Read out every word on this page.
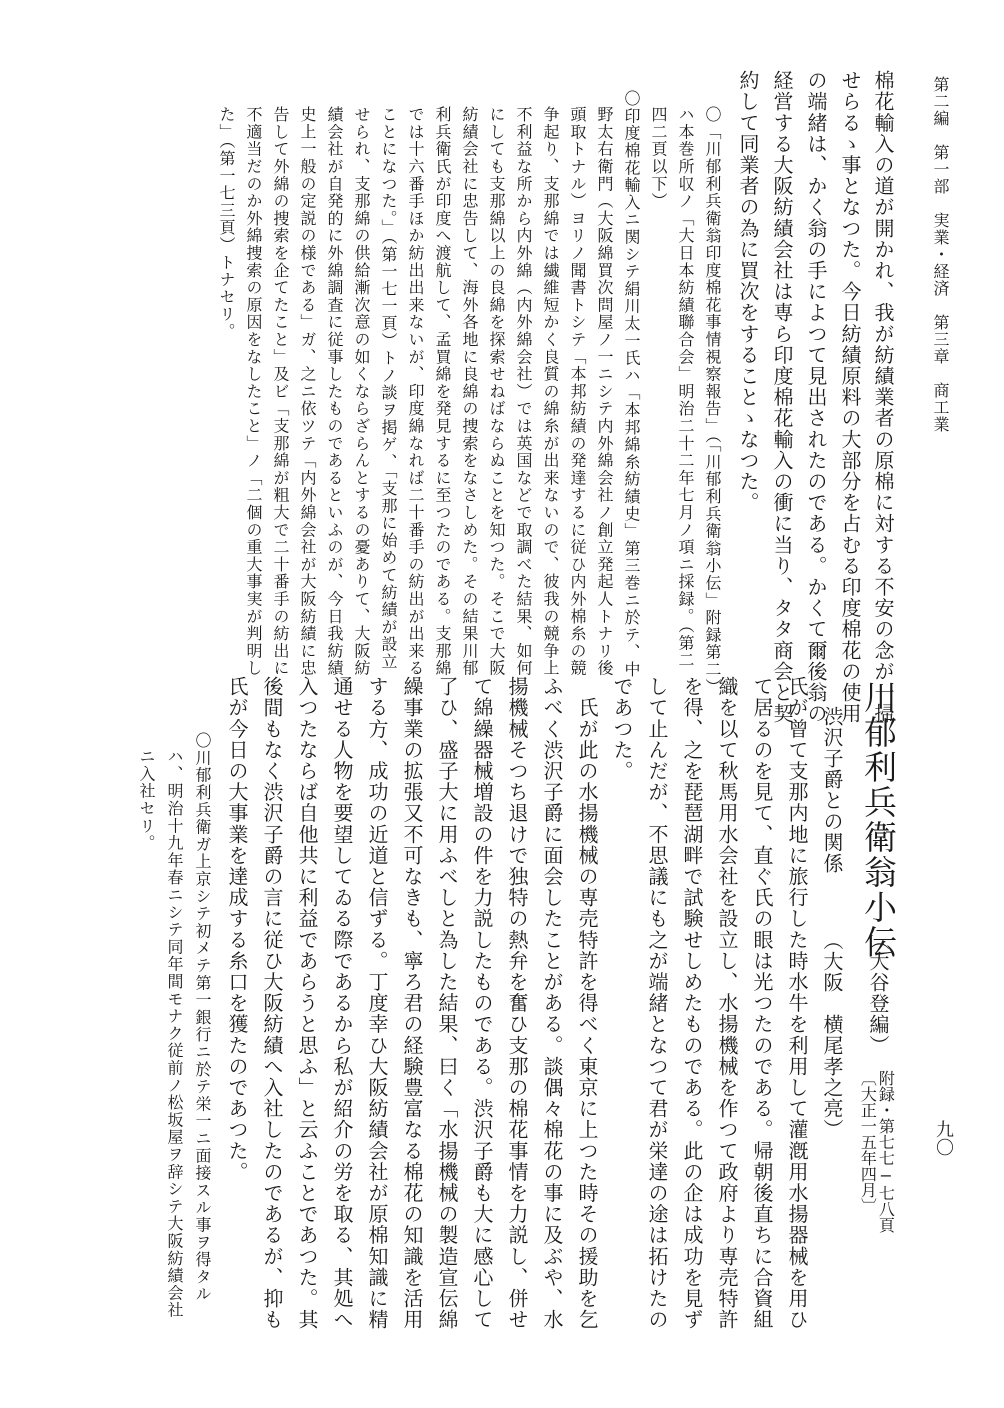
第二編　第一部　実業・経済　第三章　商工業
九〇
棉花輸入の道が開かれ、我が紡績業者の原棉に対する不安の念が一掃
せらるゝ事となつた。今日紡績原料の大部分を占むる印度棉花の使用
の端緒は、かく翁の手によつて見出されたのである。かくて爾後翁の
経営する大阪紡績会社は専ら印度棉花輸入の衝に当り、タタ商会と契
約して同業者の為に買次をすることゝなつた。
〇「川郁利兵衛翁印度棉花事情視察報告」（「川郁利兵衛翁小伝」附録第二）
ハ本巻所収ノ「大日本紡績聯合会」明治二十二年七月ノ項ニ採録。（第二
四二頁以下）
〇印度棉花輸入ニ関シテ絹川太一氏ハ「本邦綿糸紡績史」第三巻ニ於テ、中
野太右衛門（大阪綿買次問屋ノ一ニシテ内外綿会社ノ創立発起人トナリ後
頭取トナル）ヨリノ聞書トシテ「本邦紡績の発達するに従ひ内外棉糸の競
争起り、支那綿では繊維短かく良質の綿糸が出来ないので、彼我の競争上
不利益な所から内外綿（内外綿会社）では英国などで取調べた結果、如何
にしても支那綿以上の良綿を探索せねばならぬことを知つた。そこで大阪
紡績会社に忠告して、海外各地に良綿の捜索をなさしめた。その結果川郁
利兵衛氏が印度へ渡航して、孟買綿を発見するに至つたのである。支那綿
では十六番手ほか紡出出来ないが、印度綿なれば二十番手の紡出が出来る
ことになつた。」（第一七一頁）トノ談ヲ掲ゲ、「支那に始めて紡績が設立
せられ、支那綿の供給漸次意の如くならざらんとするの憂ありて、大阪紡
績会社が自発的に外綿調査に従事したものであるといふのが、今日我紡績
史上一般の定説の様である」ガ、之ニ依ツテ「内外綿会社が大阪紡績に忠
告して外綿の捜索を企てたこと」及ビ「支那綿が粗大で二十番手の紡出に
不適当だのか外綿捜索の原因をなしたこと」ノ「二個の重大事実が判明し
た」（第一七三頁）トナセリ。
川郁利兵衛翁小伝
（大谷登編）
附録・第七七−七八頁
〔大正一五年四月〕
渋沢子爵との関係
（大阪　横尾孝之亮）
氏が曾て支那内地に旅行した時水牛を利用して灌漑用水揚器械を用ひ
て居るのを見て、直ぐ氏の眼は光つたのである。帰朝後直ちに合資組
織を以て秋馬用水会社を設立し、水揚機械を作つて政府より専売特許
を得、之を琵琶湖畔で試験せしめたものである。此の企は成功を見ず
して止んだが、不思議にも之が端緒となつて君が栄達の途は拓けたの
であつた。
　氏が此の水揚機械の専売特許を得べく東京に上つた時その援助を乞
ふべく渋沢子爵に面会したことがある。談偶々棉花の事に及ぶや、水
揚機械そつち退けで独特の熱弁を奮ひ支那の棉花事情を力説し、併せ
て綿繰器械増設の件を力説したものである。渋沢子爵も大に感心して
了ひ、盛子大に用ふべしと為した結果、曰く「水揚機械の製造宣伝綿
繰事業の拡張又不可なきも、寧ろ君の経験豊富なる棉花の知識を活用
する方、成功の近道と信ずる。丁度幸ひ大阪紡績会社が原棉知識に精
通せる人物を要望してゐる際であるから私が紹介の労を取る、其処へ
入つたならば自他共に利益であらうと思ふ」と云ふことであつた。其
後間もなく渋沢子爵の言に従ひ大阪紡績へ入社したのであるが、抑も
氏が今日の大事業を達成する糸口を獲たのであつた。
〇川郁利兵衛ガ上京シテ初メテ第一銀行ニ於テ栄一ニ面接スル事ヲ得タル
ハ、明治十九年春ニシテ同年間モナク従前ノ松坂屋ヲ辞シテ大阪紡績会社
ニ入社セリ。
